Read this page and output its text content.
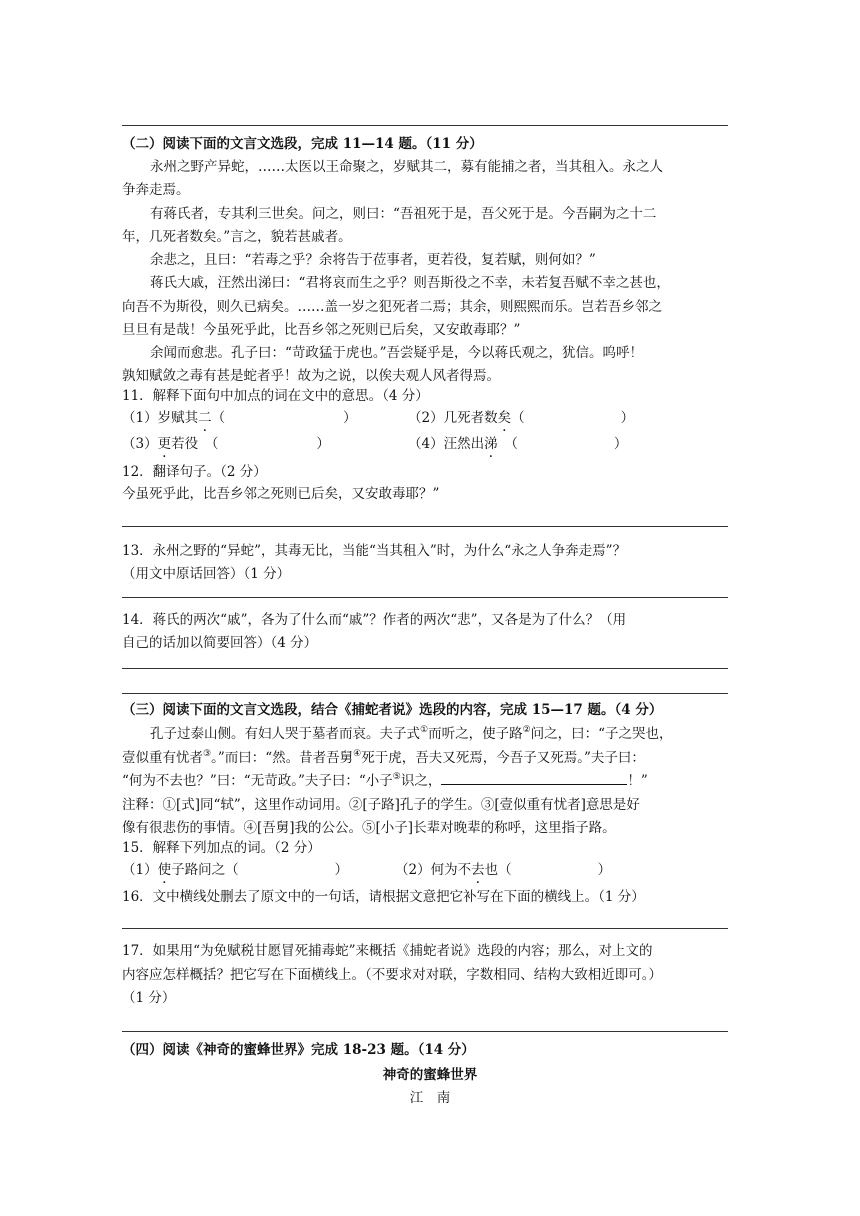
（二）阅读下面的文言文选段，完成 11—14 题。（11 分）
永州之野产异蛇，……太医以王命聚之，岁赋其二，募有能捕之者，当其租入。永之人
争奔走焉。
有蒋氏者，专其利三世矣。问之，则曰：“吾祖死于是，吾父死于是。今吾嗣为之十二
年，几死者数矣。”言之，貌若甚戚者。
余悲之，且曰：“若毒之乎？余将告于莅事者，更若役，复若赋，则何如？”
蒋氏大戚，汪然出涕曰：“君将哀而生之乎？则吾斯役之不幸，未若复吾赋不幸之甚也，
向吾不为斯役，则久已病矣。……盖一岁之犯死者二焉；其余，则熙熙而乐。岂若吾乡邻之
旦旦有是哉！今虽死乎此，比吾乡邻之死则已后矣，又安敢毒耶？”
余闻而愈悲。孔子曰：“苛政猛于虎也。”吾尝疑乎是，今以蒋氏观之，犹信。呜呼！
孰知赋敛之毒有甚是蛇者乎！故为之说，以俟夫观人风者得焉。
11．解释下面句中加点的词在文中的意思。（4 分）
（1）岁赋其二（	）	（2）几死者数矣（	）
（3）更若役　（	）	（4）汪然出涕　（	）
12．翻译句子。（2 分）
今虽死乎此，比吾乡邻之死则已后矣，又安敢毒耶？”
13．永州之野的“异蛇”，其毒无比，当能“当其租入”时，为什么“永之人争奔走焉”？
（用文中原话回答）（1 分）
14．蒋氏的两次“戚”，各为了什么而“戚”？作者的两次“悲”，又各是为了什么？（用
自己的话加以简要回答）（4 分）
（三）阅读下面的文言文选段，结合《捕蛇者说》选段的内容，完成 15—17 题。（4 分）
孔子过泰山侧。有妇人哭于墓者而哀。夫子式①而听之，使子路②问之，曰：“子之哭也，
壹似重有忧者③。”而曰：“然。昔者吾舅④死于虎，吾夫又死焉，今吾子又死焉。”夫子曰：
“何为不去也？”曰：“无苛政。”夫子曰：“小子⑤识之，	！”
注释：①[式]同“轼”，这里作动词用。②[子路]孔子的学生。③[壹似重有忧者]意思是好
像有很悲伤的事情。④[吾舅]我的公公。⑤[小子]长辈对晚辈的称呼，这里指子路。
15．解释下列加点的词。（2 分）
（1）使子路问之（	）	（2）何为不去也（	）
16．文中横线处删去了原文中的一句话，请根据文意把它补写在下面的横线上。（1 分）
17．如果用“为免赋税甘愿冒死捕毒蛇”来概括《捕蛇者说》选段的内容；那么，对上文的
内容应怎样概括？把它写在下面横线上。（不要求对对联，字数相同、结构大致相近即可。）
（1 分）
（四）阅读《神奇的蜜蜂世界》完成 18-23 题。（14 分）
神奇的蜜蜂世界
江　南
